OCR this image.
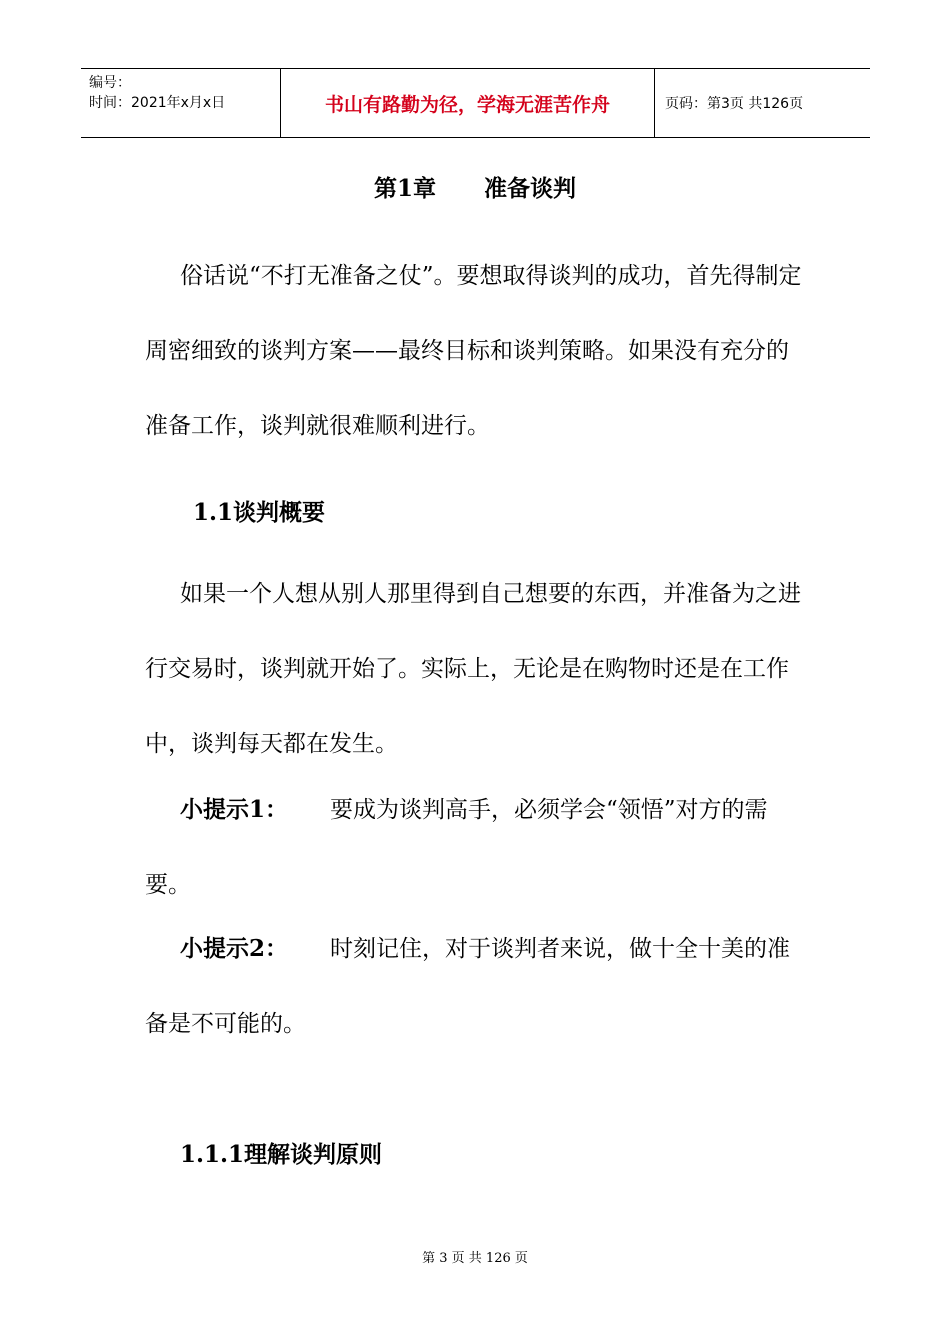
编号：
时间：2021年x月x日	书山有路勤为径，学海无涯苦作舟	页码：第3页 共126页
第1章      准备谈判
俗话说“不打无准备之仗”。要想取得谈判的成功，首先得制定周密细致的谈判方案——最终目标和谈判策略。如果没有充分的准备工作，谈判就很难顺利进行。
1.1谈判概要
如果一个人想从别人那里得到自己想要的东西，并准备为之进行交易时，谈判就开始了。实际上，无论是在购物时还是在工作中，谈判每天都在发生。
小提示1： 要成为谈判高手，必须学会“领悟”对方的需要。
小提示2： 时刻记住，对于谈判者来说，做十全十美的准备是不可能的。
1.1.1理解谈判原则
第 3 页 共 126 页
